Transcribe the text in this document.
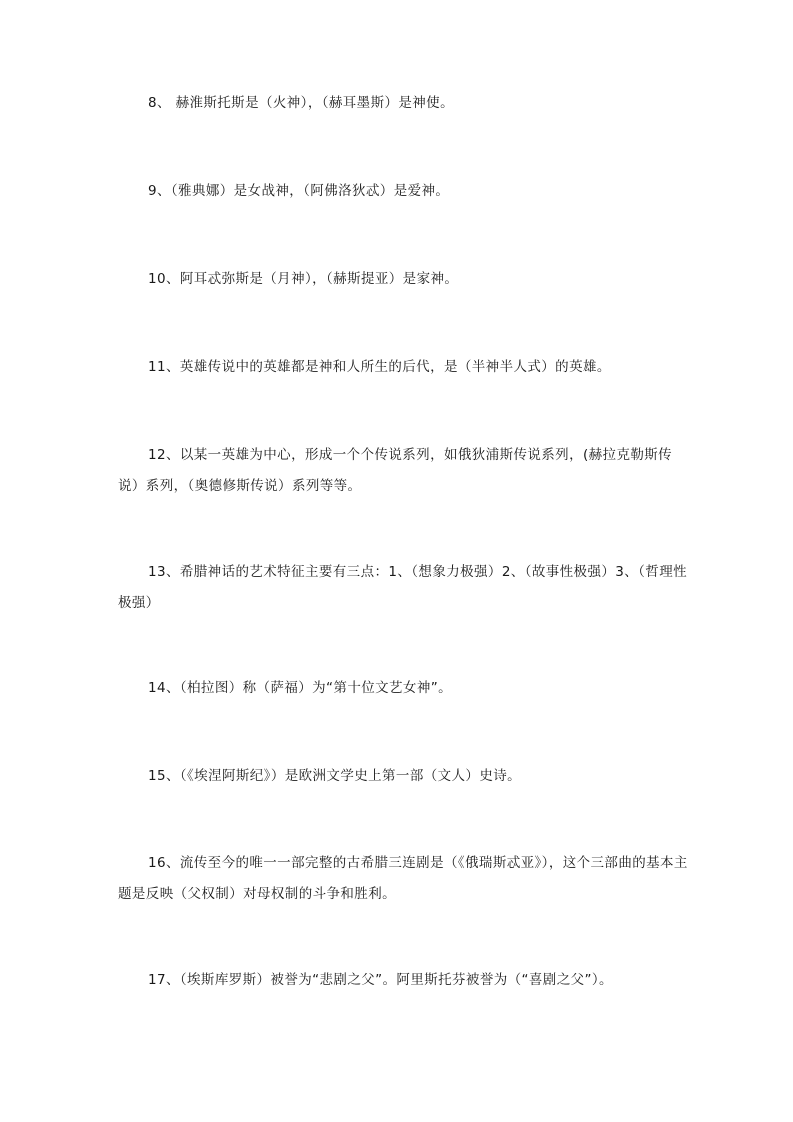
8、 赫淮斯托斯是（火神），（赫耳墨斯）是神使。

9、（雅典娜）是女战神，（阿佛洛狄忒）是爱神。

10、阿耳忒弥斯是（月神），（赫斯提亚）是家神。

11、英雄传说中的英雄都是神和人所生的后代，是（半神半人式）的英雄。

12、以某一英雄为中心，形成一个个传说系列，如俄狄浦斯传说系列，(赫拉克勒斯传说）系列，（奥德修斯传说）系列等等。

13、希腊神话的艺术特征主要有三点：1、（想象力极强）2、（故事性极强）3、（哲理性极强）

14、（柏拉图）称（萨福）为“第十位文艺女神”。

15、（《埃涅阿斯纪》）是欧洲文学史上第一部（文人）史诗。

16、流传至今的唯一一部完整的古希腊三连剧是（《俄瑞斯忒亚》），这个三部曲的基本主题是反映（父权制）对母权制的斗争和胜利。

17、（埃斯库罗斯）被誉为“悲剧之父”。阿里斯托芬被誉为（“喜剧之父”）。
